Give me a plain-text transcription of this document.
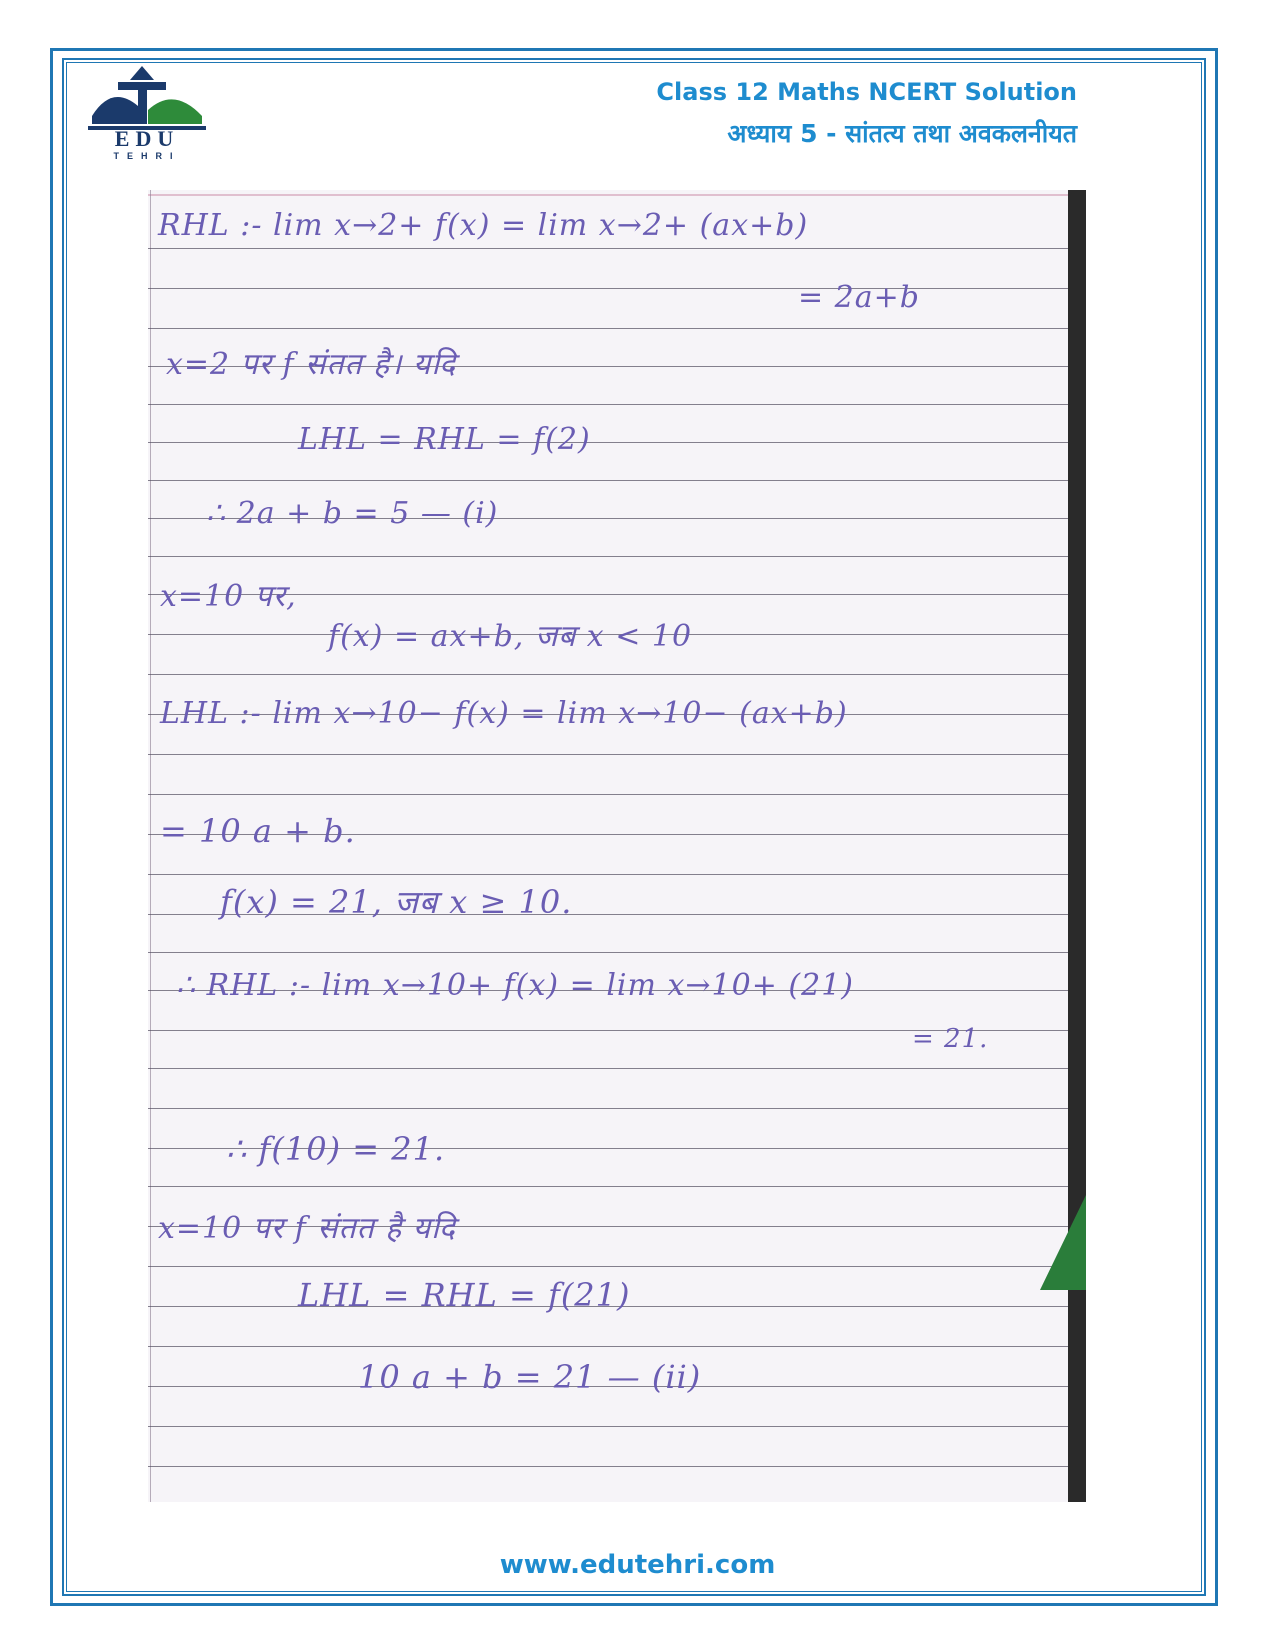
EDU
TEHRI
Class 12 Maths NCERT Solution
अध्याय 5 - सांतत्य तथा अवकलनीयत
RHL :- lim x→2+ f(x) = lim x→2+ (ax+b)
= 2a+b
x=2 पर f संतत है। यदि
LHL = RHL = f(2)
∴ 2a + b = 5 — (i)
x=10 पर,
f(x) = ax+b, जब x < 10
LHL :- lim x→10− f(x) = lim x→10− (ax+b)
= 10 a + b.
f(x) = 21, जब x ≥ 10.
∴ RHL :- lim x→10+ f(x) = lim x→10+ (21)
= 21.
∴ f(10) = 21.
x=10 पर f संतत है यदि
LHL = RHL = f(21)
10 a + b = 21 — (ii)
www.edutehri.com
